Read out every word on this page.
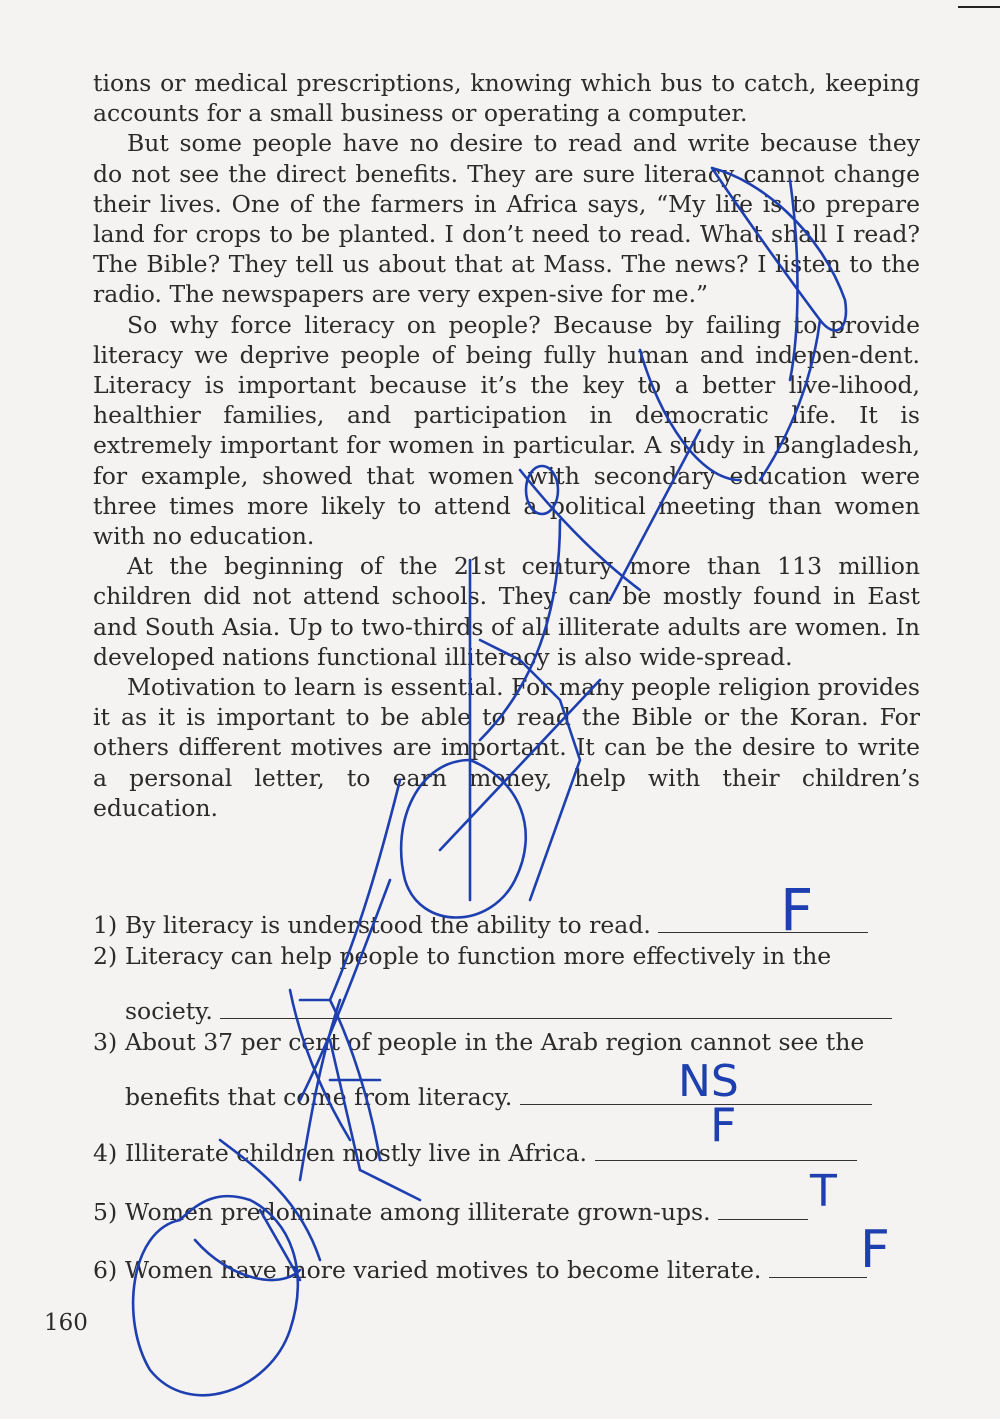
tions or medical prescriptions, knowing which bus to catch, keeping accounts for a small business or operating a computer.

But some people have no desire to read and write because they do not see the direct benefits. They are sure literacy cannot change their lives. One of the farmers in Africa says, “My life is to prepare land for crops to be planted. I don’t need to read. What shall I read? The Bible? They tell us about that at Mass. The news? I listen to the radio. The newspapers are very expen-sive for me.”

So why force literacy on people? Because by failing to provide literacy we deprive people of being fully human and indepen-dent. Literacy is important because it’s the key to a better live-lihood, healthier families, and participation in democratic life. It is extremely important for women in particular. A study in Bangladesh, for example, showed that women with secondary education were three times more likely to attend a political meeting than women with no education.

At the beginning of the 21st century more than 113 million children did not attend schools. They can be mostly found in East and South Asia. Up to two-thirds of all illiterate adults are women. In developed nations functional illiteracy is also wide-spread.

Motivation to learn is essential. For many people religion provides it as it is important to be able to read the Bible or the Koran. For others different motives are important. It can be the desire to write a personal letter, to earn money, help with their children’s education.

1) By literacy is understood the ability to read.
2) Literacy can help people to function more effectively in the
society.
3) About 37 per cent of people in the Arab region cannot see the
benefits that come from literacy.
4) Illiterate children mostly live in Africa.
5) Women predominate among illiterate grown-ups.
6) Women have more varied motives to become literate.
160
F
NS
F
T
F
